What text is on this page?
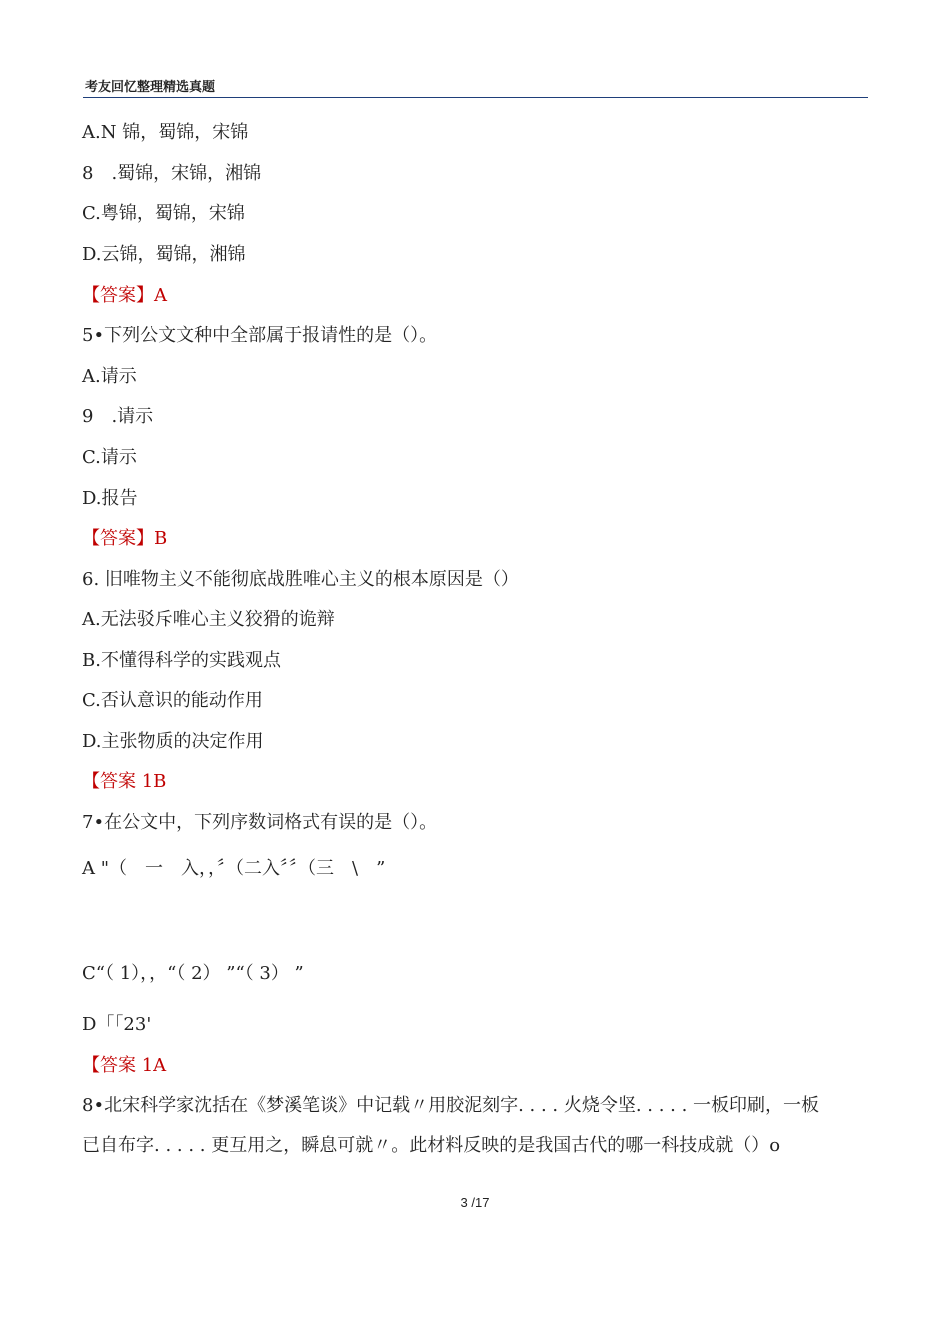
考友回忆整理精选真题
A.N 锦，蜀锦，宋锦
8　.蜀锦，宋锦，湘锦
C.粤锦，蜀锦，宋锦
D.云锦，蜀锦，湘锦
【答案】A
5•下列公文文种中全部属于报请性的是（）。
A.请示
9　.请示
C.请示
D.报告
【答案】B
6. 旧唯物主义不能彻底战胜唯心主义的根本原因是（）
A.无法驳斥唯心主义狡猾的诡辩
B.不懂得科学的实践观点
C.否认意识的能动作用
D.主张物质的决定作用
【答案 1B
7•在公文中，下列序数词格式有误的是（）。
A "（　一　入，，〞（二入〞〞（三　\　”
C“（ 1），，“（ 2） ”“（ 3） ”
D「「23'
【答案 1A
8•北宋科学家沈括在《梦溪笔谈》中记载〃用胶泥刻字. . . . 火烧令坚. . . . . 一板印刷，一板
已自布字. . . . . 更互用之，瞬息可就〃。此材料反映的是我国古代的哪一科技成就（）o
3 /17
